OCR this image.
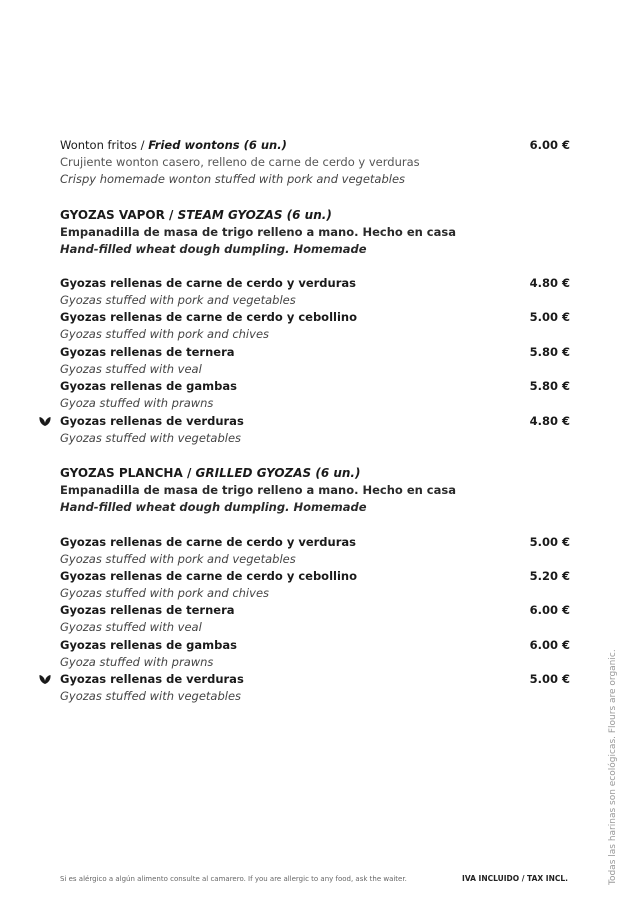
Wonton fritos / Fried wontons (6 un.)
Crujiente wonton casero, relleno de carne de cerdo y verduras
Crispy homemade wonton stuffed with pork and vegetables
6.00 €
GYOZAS VAPOR / STEAM GYOZAS (6 un.)
Empanadilla de masa de trigo relleno a mano. Hecho en casa
Hand-filled wheat dough dumpling. Homemade
Gyozas rellenas de carne de cerdo y verduras
Gyozas stuffed with pork and vegetables
4.80 €
Gyozas rellenas de carne de cerdo y cebollino
Gyozas stuffed with pork and chives
5.00 €
Gyozas rellenas de ternera
Gyozas stuffed with veal
5.80 €
Gyozas rellenas de gambas
Gyoza stuffed with prawns
5.80 €
Gyozas rellenas de verduras
Gyozas stuffed with vegetables
4.80 €
GYOZAS PLANCHA / GRILLED GYOZAS (6 un.)
Empanadilla de masa de trigo relleno a mano. Hecho en casa
Hand-filled wheat dough dumpling. Homemade
Gyozas rellenas de carne de cerdo y verduras
Gyozas stuffed with pork and vegetables
5.00 €
Gyozas rellenas de carne de cerdo y cebollino
Gyozas stuffed with pork and chives
5.20 €
Gyozas rellenas de ternera
Gyozas stuffed with veal
6.00 €
Gyozas rellenas de gambas
Gyoza stuffed with prawns
6.00 €
Gyozas rellenas de verduras
Gyozas stuffed with vegetables
5.00 €
Si es alérgico a algún alimento consulte al camarero. If you are allergic to any food, ask the waiter.	IVA INCLUIDO / TAX INCL.	Todas las harinas son ecológicas. Flours are organic.
